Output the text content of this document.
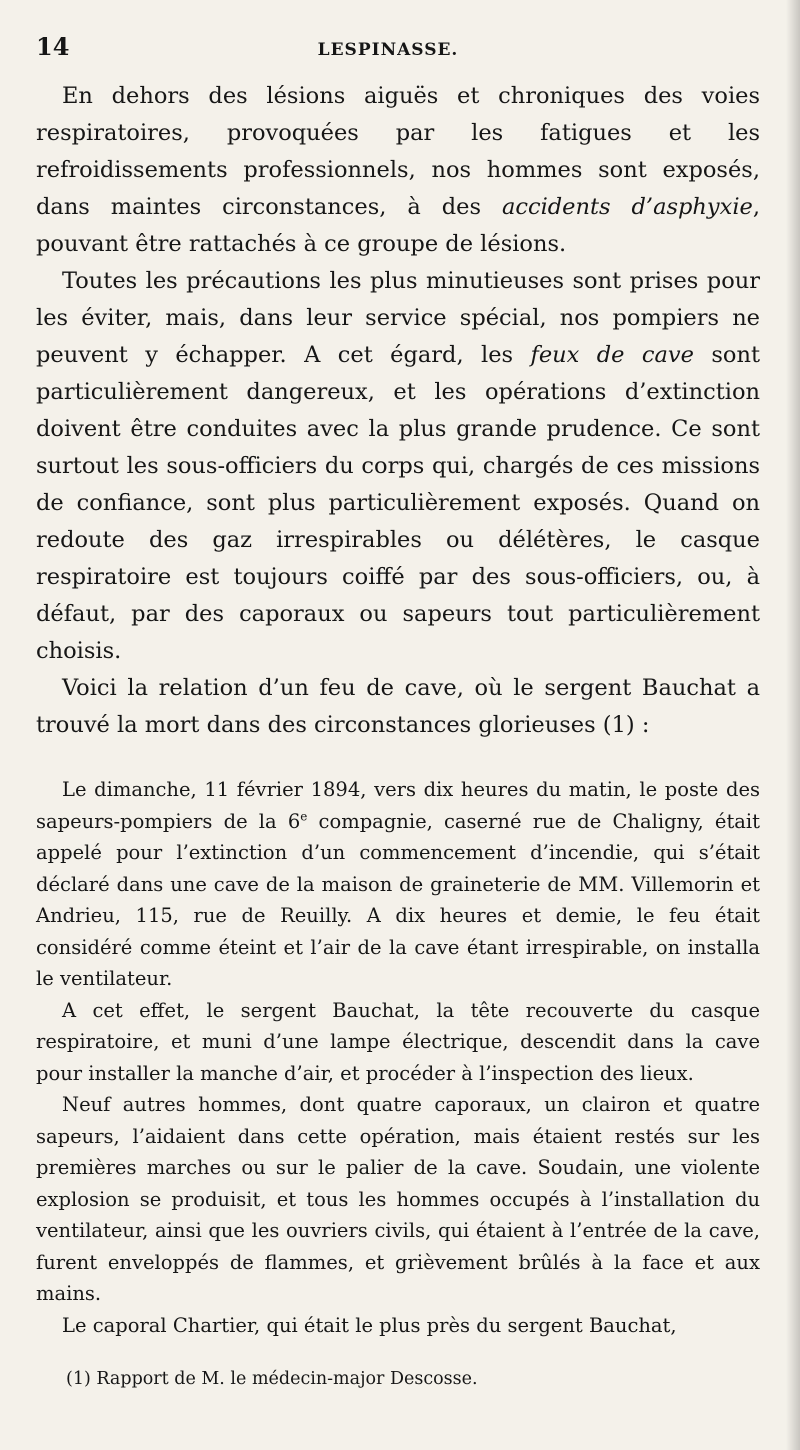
14	LESPINASSE.

En dehors des lésions aiguës et chroniques des voies respiratoires, provoquées par les fatigues et les refroidissements professionnels, nos hommes sont exposés, dans maintes circonstances, à des accidents d’asphyxie, pouvant être rattachés à ce groupe de lésions.

Toutes les précautions les plus minutieuses sont prises pour les éviter, mais, dans leur service spécial, nos pompiers ne peuvent y échapper. A cet égard, les feux de cave sont particulièrement dangereux, et les opérations d’extinction doivent être conduites avec la plus grande prudence. Ce sont surtout les sous-officiers du corps qui, chargés de ces missions de confiance, sont plus particulièrement exposés. Quand on redoute des gaz irrespirables ou délétères, le casque respiratoire est toujours coiffé par des sous-officiers, ou, à défaut, par des caporaux ou sapeurs tout particulièrement choisis.

Voici la relation d’un feu de cave, où le sergent Bauchat a trouvé la mort dans des circonstances glorieuses (1) :

Le dimanche, 11 février 1894, vers dix heures du matin, le poste des sapeurs-pompiers de la 6e compagnie, caserné rue de Chaligny, était appelé pour l’extinction d’un commencement d’incendie, qui s’était déclaré dans une cave de la maison de graineterie de MM. Villemorin et Andrieu, 115, rue de Reuilly. A dix heures et demie, le feu était considéré comme éteint et l’air de la cave étant irrespirable, on installa le ventilateur.

A cet effet, le sergent Bauchat, la tête recouverte du casque respiratoire, et muni d’une lampe électrique, descendit dans la cave pour installer la manche d’air, et procéder à l’inspection des lieux.

Neuf autres hommes, dont quatre caporaux, un clairon et quatre sapeurs, l’aidaient dans cette opération, mais étaient restés sur les premières marches ou sur le palier de la cave. Soudain, une violente explosion se produisit, et tous les hommes occupés à l’installation du ventilateur, ainsi que les ouvriers civils, qui étaient à l’entrée de la cave, furent enveloppés de flammes, et grièvement brûlés à la face et aux mains.

Le caporal Chartier, qui était le plus près du sergent Bauchat,

(1) Rapport de M. le médecin-major Descosse.
